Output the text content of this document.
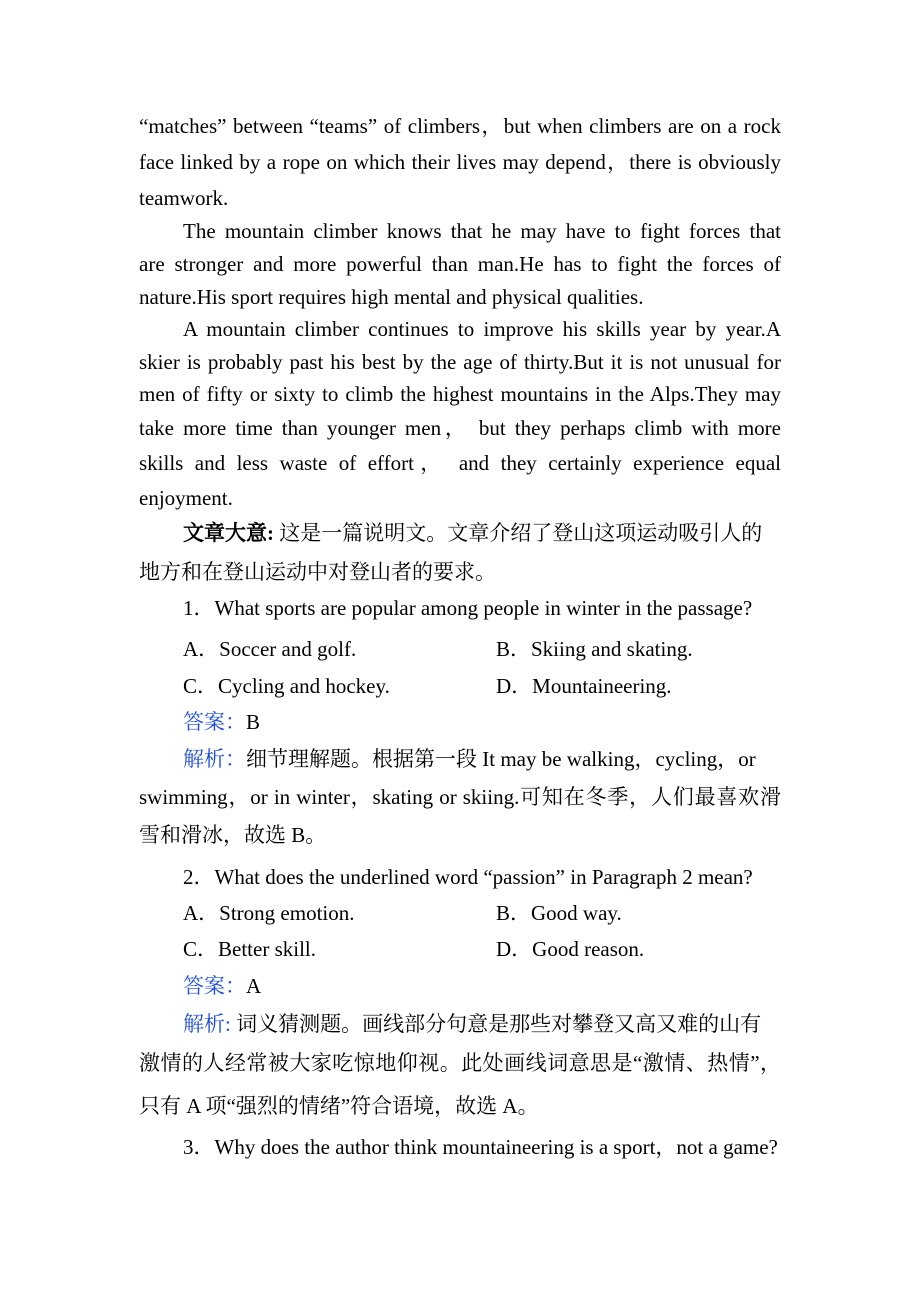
“matches” between “teams” of climbers，but when climbers are on a rock
face linked by a rope on which their lives may depend，there is obviously
teamwork.
The mountain climber knows that he may have to fight forces that
are stronger and more powerful than man.He has to fight the forces of
nature.His sport requires high mental and physical qualities.
A mountain climber continues to improve his skills year by year.A
skier is probably past his best by the age of thirty.But it is not unusual for
men of fifty or sixty to climb the highest mountains in the Alps.They may
take more time than younger men， but they perhaps climb with more
skills and less waste of effort， and they certainly experience equal
enjoyment.
文章大意: 这是一篇说明文。文章介绍了登山这项运动吸引人的
地方和在登山运动中对登山者的要求。
1．What sports are popular among people in winter in the passage?
A．Soccer and golf.	B．Skiing and skating.
C．Cycling and hockey.	D．Mountaineering.
答案：B
解析：细节理解题。根据第一段 It may be walking，cycling，or
swimming，or in winter，skating or skiing.可知在冬季，人们最喜欢滑
雪和滑冰，故选 B。
2．What does the underlined word “passion” in Paragraph 2 mean?
A．Strong emotion.	B．Good way.
C．Better skill.	D．Good reason.
答案：A
解析: 词义猜测题。画线部分句意是那些对攀登又高又难的山有
激情的人经常被大家吃惊地仰视。此处画线词意思是“激情、热情”，
只有 A 项“强烈的情绪”符合语境，故选 A。
3．Why does the author think mountaineering is a sport，not a game?
